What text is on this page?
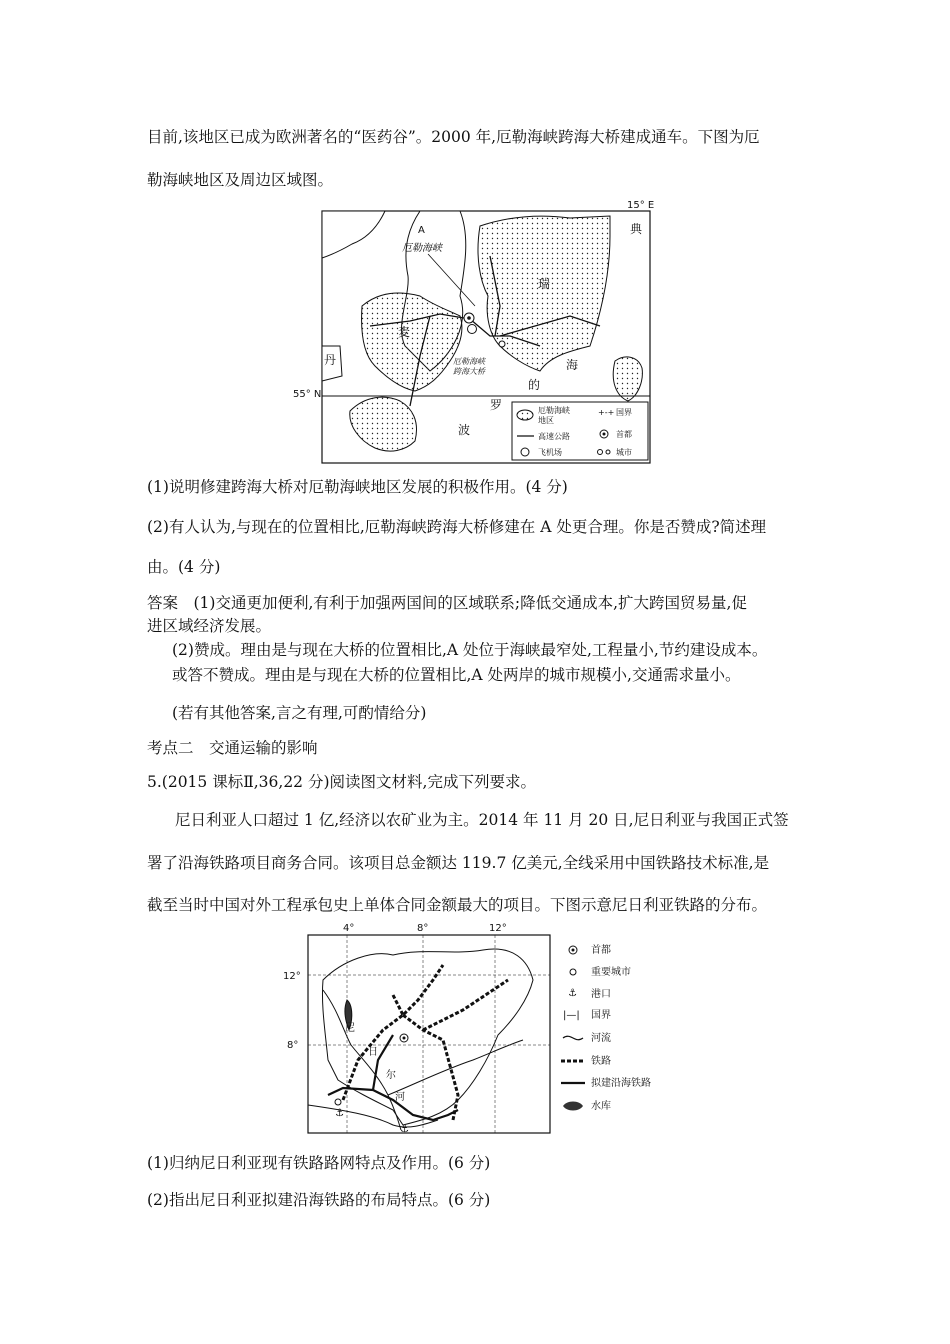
目前,该地区已成为欧洲著名的“医药谷”。2000 年,厄勒海峡跨海大桥建成通车。下图为厄
勒海峡地区及周边区域图。
15° E
A
厄勒海峡
厄勒海峡
跨海大桥
典
瑞
麦
丹	海
的
罗
波
55° N
厄勒海峡
地区
高速公路
飞机场
+-+ 国界
首都
城市
(1)说明修建跨海大桥对厄勒海峡地区发展的积极作用。(4 分)
(2)有人认为,与现在的位置相比,厄勒海峡跨海大桥修建在 A 处更合理。你是否赞成?简述理
由。(4 分)
答案　(1)交通更加便利,有利于加强两国间的区域联系;降低交通成本,扩大跨国贸易量,促
进区域经济发展。
(2)赞成。理由是与现在大桥的位置相比,A 处位于海峡最窄处,工程量小,节约建设成本。
或答不赞成。理由是与现在大桥的位置相比,A 处两岸的城市规模小,交通需求量小。
(若有其他答案,言之有理,可酌情给分)
考点二　交通运输的影响
5.(2015 课标Ⅱ,36,22 分)阅读图文材料,完成下列要求。
尼日利亚人口超过 1 亿,经济以农矿业为主。2014 年 11 月 20 日,尼日利亚与我国正式签
署了沿海铁路项目商务合同。该项目总金额达 119.7 亿美元,全线采用中国铁路技术标准,是
截至当时中国对外工程承包史上单体合同金额最大的项目。下图示意尼日利亚铁路的分布。
4°	8°	12°
12°
8°
⚓
⚓
尼
日
尔
河
首都
重要城市
⚓ 港口
|—| 国界
河流
铁路
拟建沿海铁路
水库
(1)归纳尼日利亚现有铁路路网特点及作用。(6 分)
(2)指出尼日利亚拟建沿海铁路的布局特点。(6 分)
